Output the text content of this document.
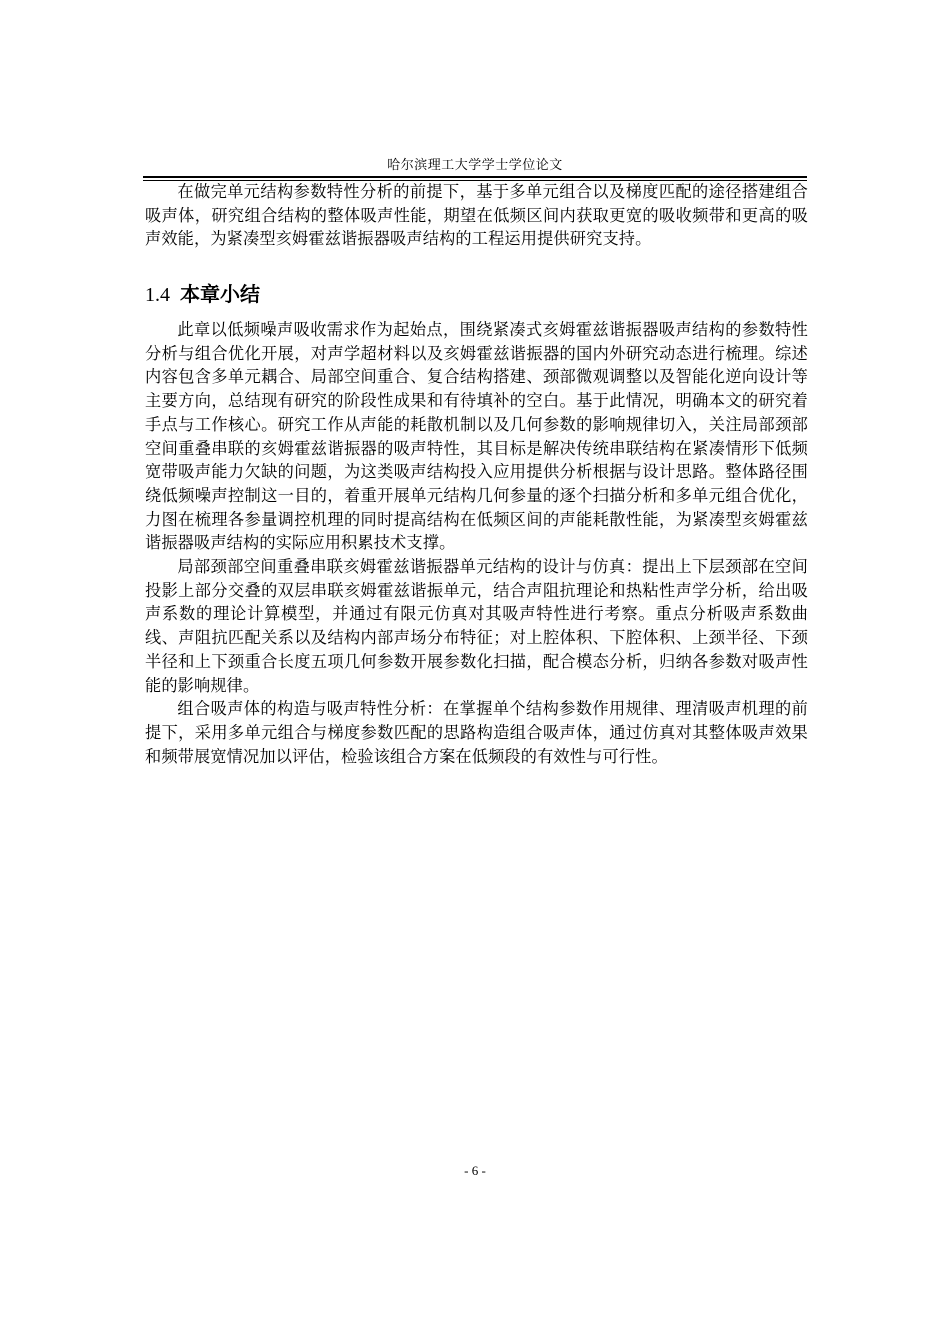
哈尔滨理工大学学士学位论文

在做完单元结构参数特性分析的前提下，基于多单元组合以及梯度匹配的途径搭建组合吸声体，研究组合结构的整体吸声性能，期望在低频区间内获取更宽的吸收频带和更高的吸声效能，为紧凑型亥姆霍兹谐振器吸声结构的工程运用提供研究支持。

1.4 本章小结

此章以低频噪声吸收需求作为起始点，围绕紧凑式亥姆霍兹谐振器吸声结构的参数特性分析与组合优化开展，对声学超材料以及亥姆霍兹谐振器的国内外研究动态进行梳理。综述内容包含多单元耦合、局部空间重合、复合结构搭建、颈部微观调整以及智能化逆向设计等主要方向，总结现有研究的阶段性成果和有待填补的空白。基于此情况，明确本文的研究着手点与工作核心。研究工作从声能的耗散机制以及几何参数的影响规律切入，关注局部颈部空间重叠串联的亥姆霍兹谐振器的吸声特性，其目标是解决传统串联结构在紧凑情形下低频宽带吸声能力欠缺的问题，为这类吸声结构投入应用提供分析根据与设计思路。整体路径围绕低频噪声控制这一目的，着重开展单元结构几何参量的逐个扫描分析和多单元组合优化，力图在梳理各参量调控机理的同时提高结构在低频区间的声能耗散性能，为紧凑型亥姆霍兹谐振器吸声结构的实际应用积累技术支撑。

局部颈部空间重叠串联亥姆霍兹谐振器单元结构的设计与仿真：提出上下层颈部在空间投影上部分交叠的双层串联亥姆霍兹谐振单元，结合声阻抗理论和热粘性声学分析，给出吸声系数的理论计算模型，并通过有限元仿真对其吸声特性进行考察。重点分析吸声系数曲线、声阻抗匹配关系以及结构内部声场分布特征；对上腔体积、下腔体积、上颈半径、下颈半径和上下颈重合长度五项几何参数开展参数化扫描，配合模态分析，归纳各参数对吸声性能的影响规律。

组合吸声体的构造与吸声特性分析：在掌握单个结构参数作用规律、理清吸声机理的前提下，采用多单元组合与梯度参数匹配的思路构造组合吸声体，通过仿真对其整体吸声效果和频带展宽情况加以评估，检验该组合方案在低频段的有效性与可行性。

- 6 -
